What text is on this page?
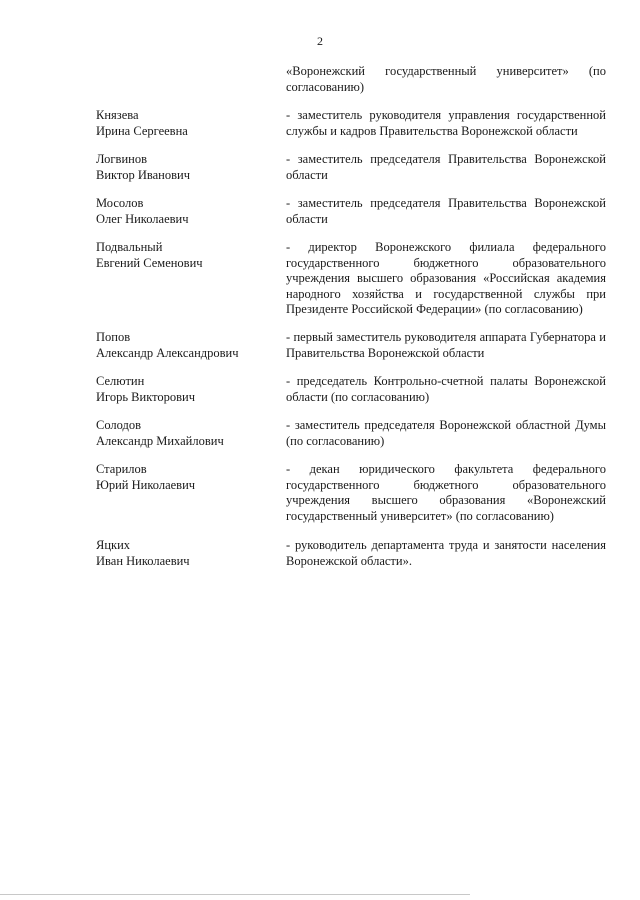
2
«Воронежский государственный университет» (по согласованию)
Князева
Ирина Сергеевна
- заместитель руководителя управления государственной службы и кадров Правительства Воронежской области
Логвинов
Виктор Иванович
- заместитель председателя Правительства Воронежской области
Мосолов
Олег Николаевич
- заместитель председателя Правительства Воронежской области
Подвальный
Евгений Семенович
- директор Воронежского филиала федерального государственного бюджетного образовательного учреждения высшего образования «Российская академия народного хозяйства и государственной службы при Президенте Российской Федерации» (по согласованию)
Попов
Александр Александрович
- первый заместитель руководителя аппарата Губернатора и Правительства Воронежской области
Селютин
Игорь Викторович
- председатель Контрольно-счетной палаты Воронежской области (по согласованию)
Солодов
Александр Михайлович
- заместитель председателя Воронежской областной Думы (по согласованию)
Старилов
Юрий Николаевич
- декан юридического факультета федерального государственного бюджетного образовательного учреждения высшего образования «Воронежский государственный университет» (по согласованию)
Яцких
Иван Николаевич
- руководитель департамента труда и занятости населения Воронежской области».
